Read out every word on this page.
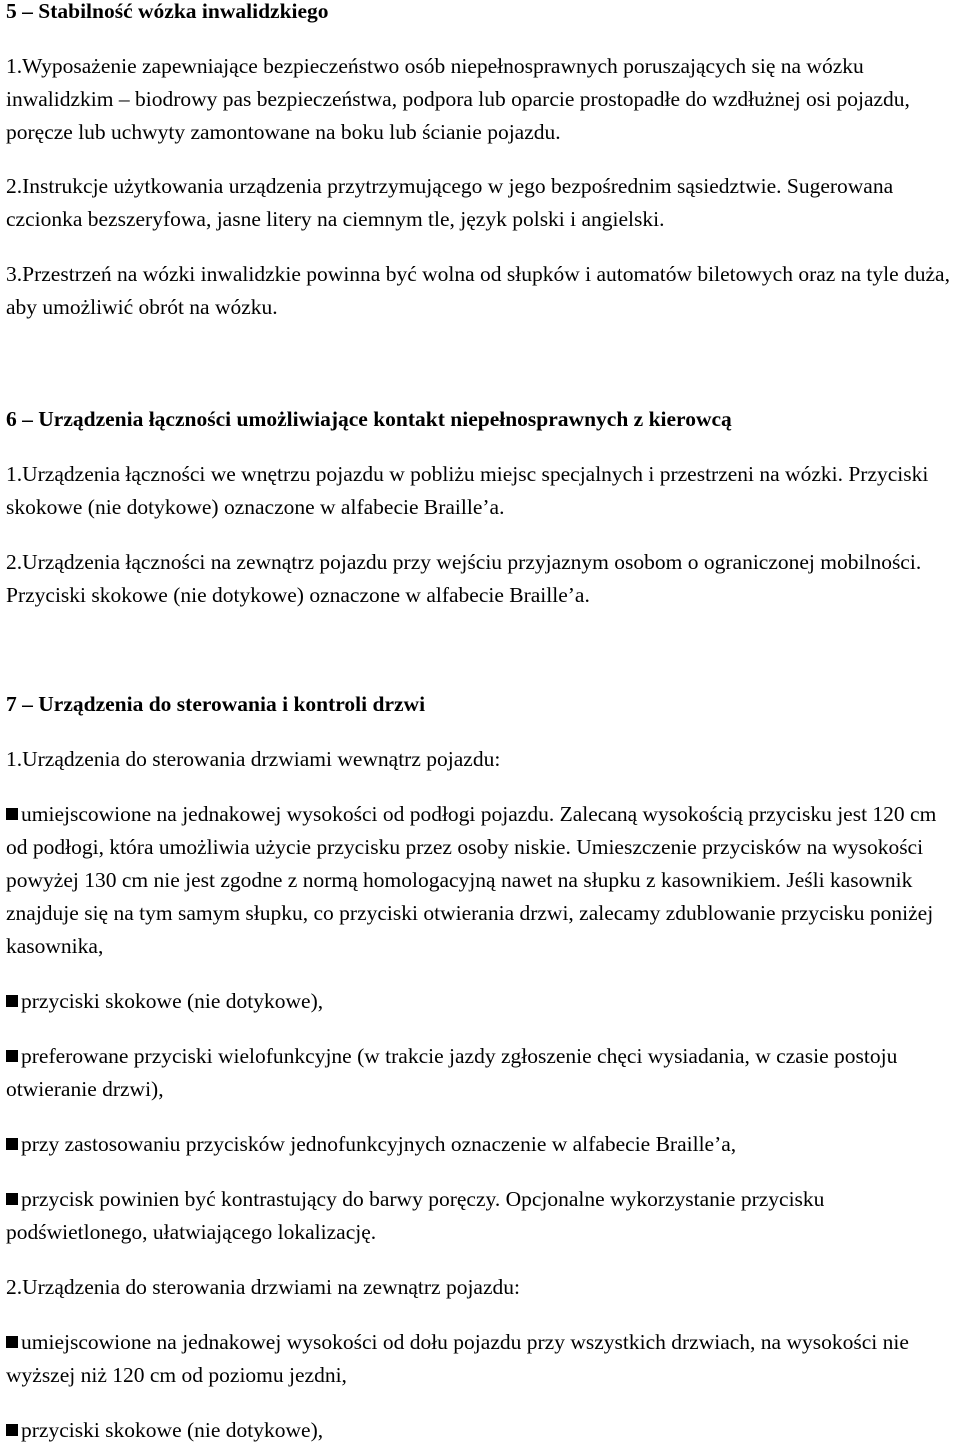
5 – Stabilność wózka inwalidzkiego
1.Wyposażenie zapewniające bezpieczeństwo osób niepełnosprawnych poruszających się na wózku inwalidzkim – biodrowy pas bezpieczeństwa, podpora lub oparcie prostopadłe do wzdłużnej osi pojazdu, poręcze lub uchwyty zamontowane na boku lub ścianie pojazdu.
2.Instrukcje użytkowania urządzenia przytrzymującego w jego bezpośrednim sąsiedztwie. Sugerowana czcionka bezszeryfowa, jasne litery na ciemnym tle, język polski i angielski.
3.Przestrzeń na wózki inwalidzkie powinna być wolna od słupków i automatów biletowych oraz na tyle duża, aby umożliwić obrót na wózku.
6 – Urządzenia łączności umożliwiające kontakt niepełnosprawnych z kierowcą
1.Urządzenia łączności we wnętrzu pojazdu w pobliżu miejsc specjalnych i przestrzeni na wózki. Przyciski skokowe (nie dotykowe) oznaczone w alfabecie Braille’a.
2.Urządzenia łączności na zewnątrz pojazdu przy wejściu przyjaznym osobom o ograniczonej mobilności. Przyciski skokowe (nie dotykowe) oznaczone w alfabecie Braille’a.
7 – Urządzenia do sterowania i kontroli drzwi
1.Urządzenia do sterowania drzwiami wewnątrz pojazdu:
umiejscowione na jednakowej wysokości od podłogi pojazdu. Zalecaną wysokością przycisku jest 120 cm od podłogi, która umożliwia użycie przycisku przez osoby niskie. Umieszczenie przycisków na wysokości powyżej 130 cm nie jest zgodne z normą homologacyjną nawet na słupku z kasownikiem. Jeśli kasownik znajduje się na tym samym słupku, co przyciski otwierania drzwi, zalecamy zdublowanie przycisku poniżej kasownika,
przyciski skokowe (nie dotykowe),
preferowane przyciski wielofunkcyjne (w trakcie jazdy zgłoszenie chęci wysiadania, w czasie postoju otwieranie drzwi),
przy zastosowaniu przycisków jednofunkcyjnych oznaczenie w alfabecie Braille’a,
przycisk powinien być kontrastujący do barwy poręczy. Opcjonalne wykorzystanie przycisku podświetlonego, ułatwiającego lokalizację.
2.Urządzenia do sterowania drzwiami na zewnątrz pojazdu:
umiejscowione na jednakowej wysokości od dołu pojazdu przy wszystkich drzwiach, na wysokości nie wyższej niż 120 cm od poziomu jezdni,
przyciski skokowe (nie dotykowe),
